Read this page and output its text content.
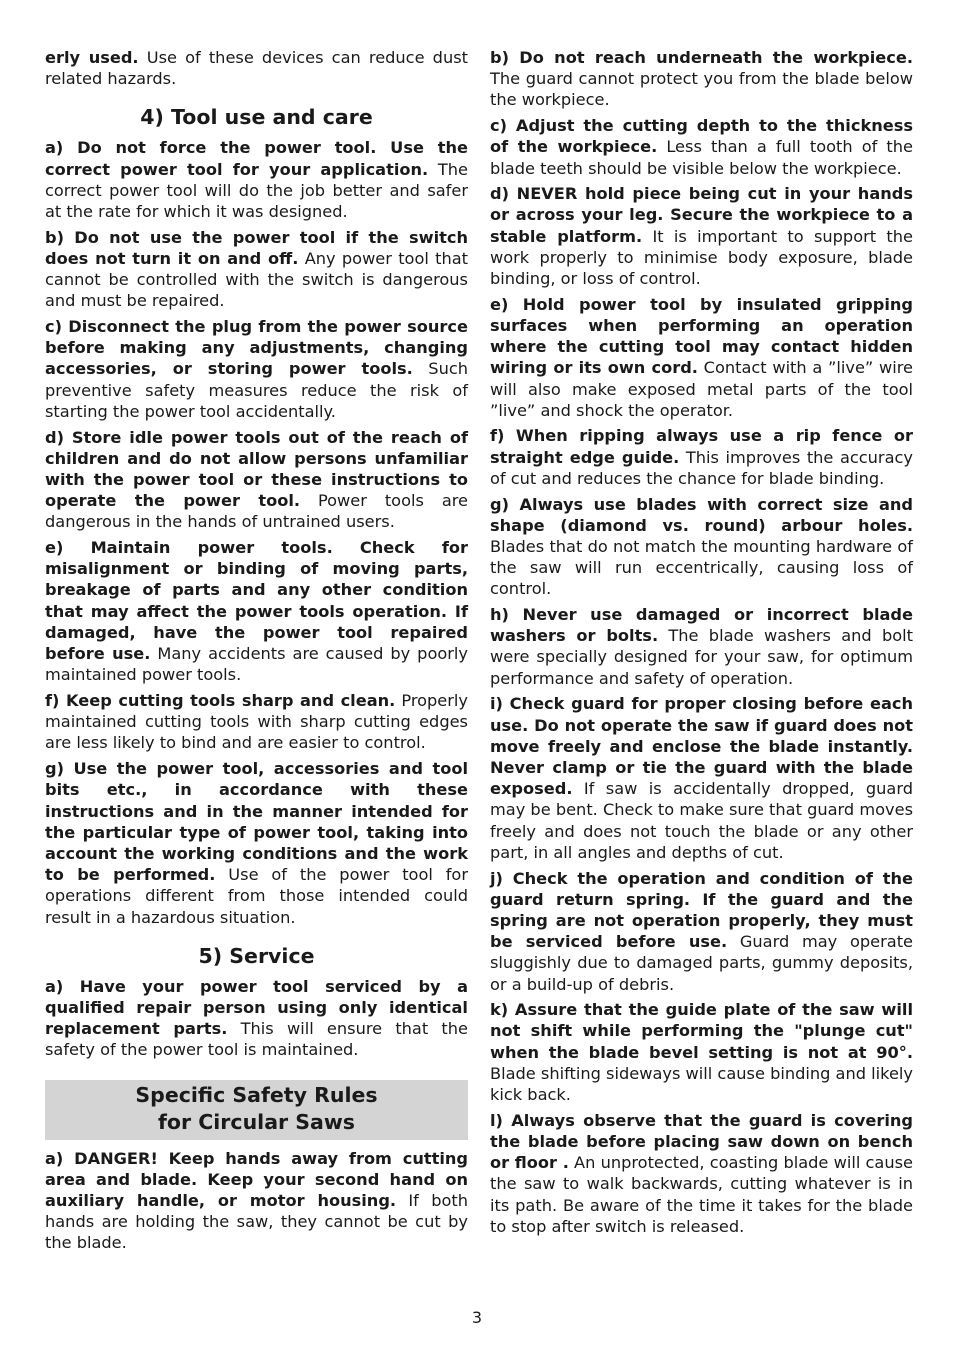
erly used. Use of these devices can reduce dust related hazards.

4) Tool use and care

a) Do not force the power tool. Use the correct power tool for your application. The correct power tool will do the job better and safer at the rate for which it was designed.

b) Do not use the power tool if the switch does not turn it on and off. Any power tool that cannot be controlled with the switch is dangerous and must be repaired.

c) Disconnect the plug from the power source before making any adjustments, changing accessories, or storing power tools. Such preventive safety measures reduce the risk of starting the power tool accidentally.

d) Store idle power tools out of the reach of children and do not allow persons unfamiliar with the power tool or these instructions to operate the power tool. Power tools are dangerous in the hands of untrained users.

e) Maintain power tools. Check for misalignment or binding of moving parts, breakage of parts and any other condition that may affect the power tools operation. If damaged, have the power tool repaired before use. Many accidents are caused by poorly maintained power tools.

f) Keep cutting tools sharp and clean. Properly maintained cutting tools with sharp cutting edges are less likely to bind and are easier to control.

g) Use the power tool, accessories and tool bits etc., in accordance with these instructions and in the manner intended for the particular type of power tool, taking into account the working conditions and the work to be performed. Use of the power tool for operations different from those intended could result in a hazardous situation.

5) Service

a) Have your power tool serviced by a qualified repair person using only identical replacement parts. This will ensure that the safety of the power tool is maintained.

Specific Safety Rules
for Circular Saws

a) DANGER! Keep hands away from cutting area and blade. Keep your second hand on auxiliary handle, or motor housing. If both hands are holding the saw, they cannot be cut by the blade.

b) Do not reach underneath the workpiece. The guard cannot protect you from the blade below the workpiece.

c) Adjust the cutting depth to the thickness of the workpiece. Less than a full tooth of the blade teeth should be visible below the workpiece.

d) NEVER hold piece being cut in your hands or across your leg. Secure the workpiece to a stable platform. It is important to support the work properly to minimise body exposure, blade binding, or loss of control.

e) Hold power tool by insulated gripping surfaces when performing an operation where the cutting tool may contact hidden wiring or its own cord. Contact with a ”live” wire will also make exposed metal parts of the tool ”live” and shock the operator.

f) When ripping always use a rip fence or straight edge guide. This improves the accuracy of cut and reduces the chance for blade binding.

g) Always use blades with correct size and shape (diamond vs. round) arbour holes. Blades that do not match the mounting hardware of the saw will run eccentrically, causing loss of control.

h) Never use damaged or incorrect blade washers or bolts. The blade washers and bolt were specially designed for your saw, for optimum performance and safety of operation.

i) Check guard for proper closing before each use. Do not operate the saw if guard does not move freely and enclose the blade instantly. Never clamp or tie the guard with the blade exposed. If saw is accidentally dropped, guard may be bent. Check to make sure that guard moves freely and does not touch the blade or any other part, in all angles and depths of cut.

j) Check the operation and condition of the guard return spring. If the guard and the spring are not operation properly, they must be serviced before use. Guard may operate sluggishly due to damaged parts, gummy deposits, or a build-up of debris.

k) Assure that the guide plate of the saw will not shift while performing the "plunge cut" when the blade bevel setting is not at 90°. Blade shifting sideways will cause binding and likely kick back.

l) Always observe that the guard is covering the blade before placing saw down on bench or floor . An unprotected, coasting blade will cause the saw to walk backwards, cutting whatever is in its path. Be aware of the time it takes for the blade to stop after switch is released.

3
